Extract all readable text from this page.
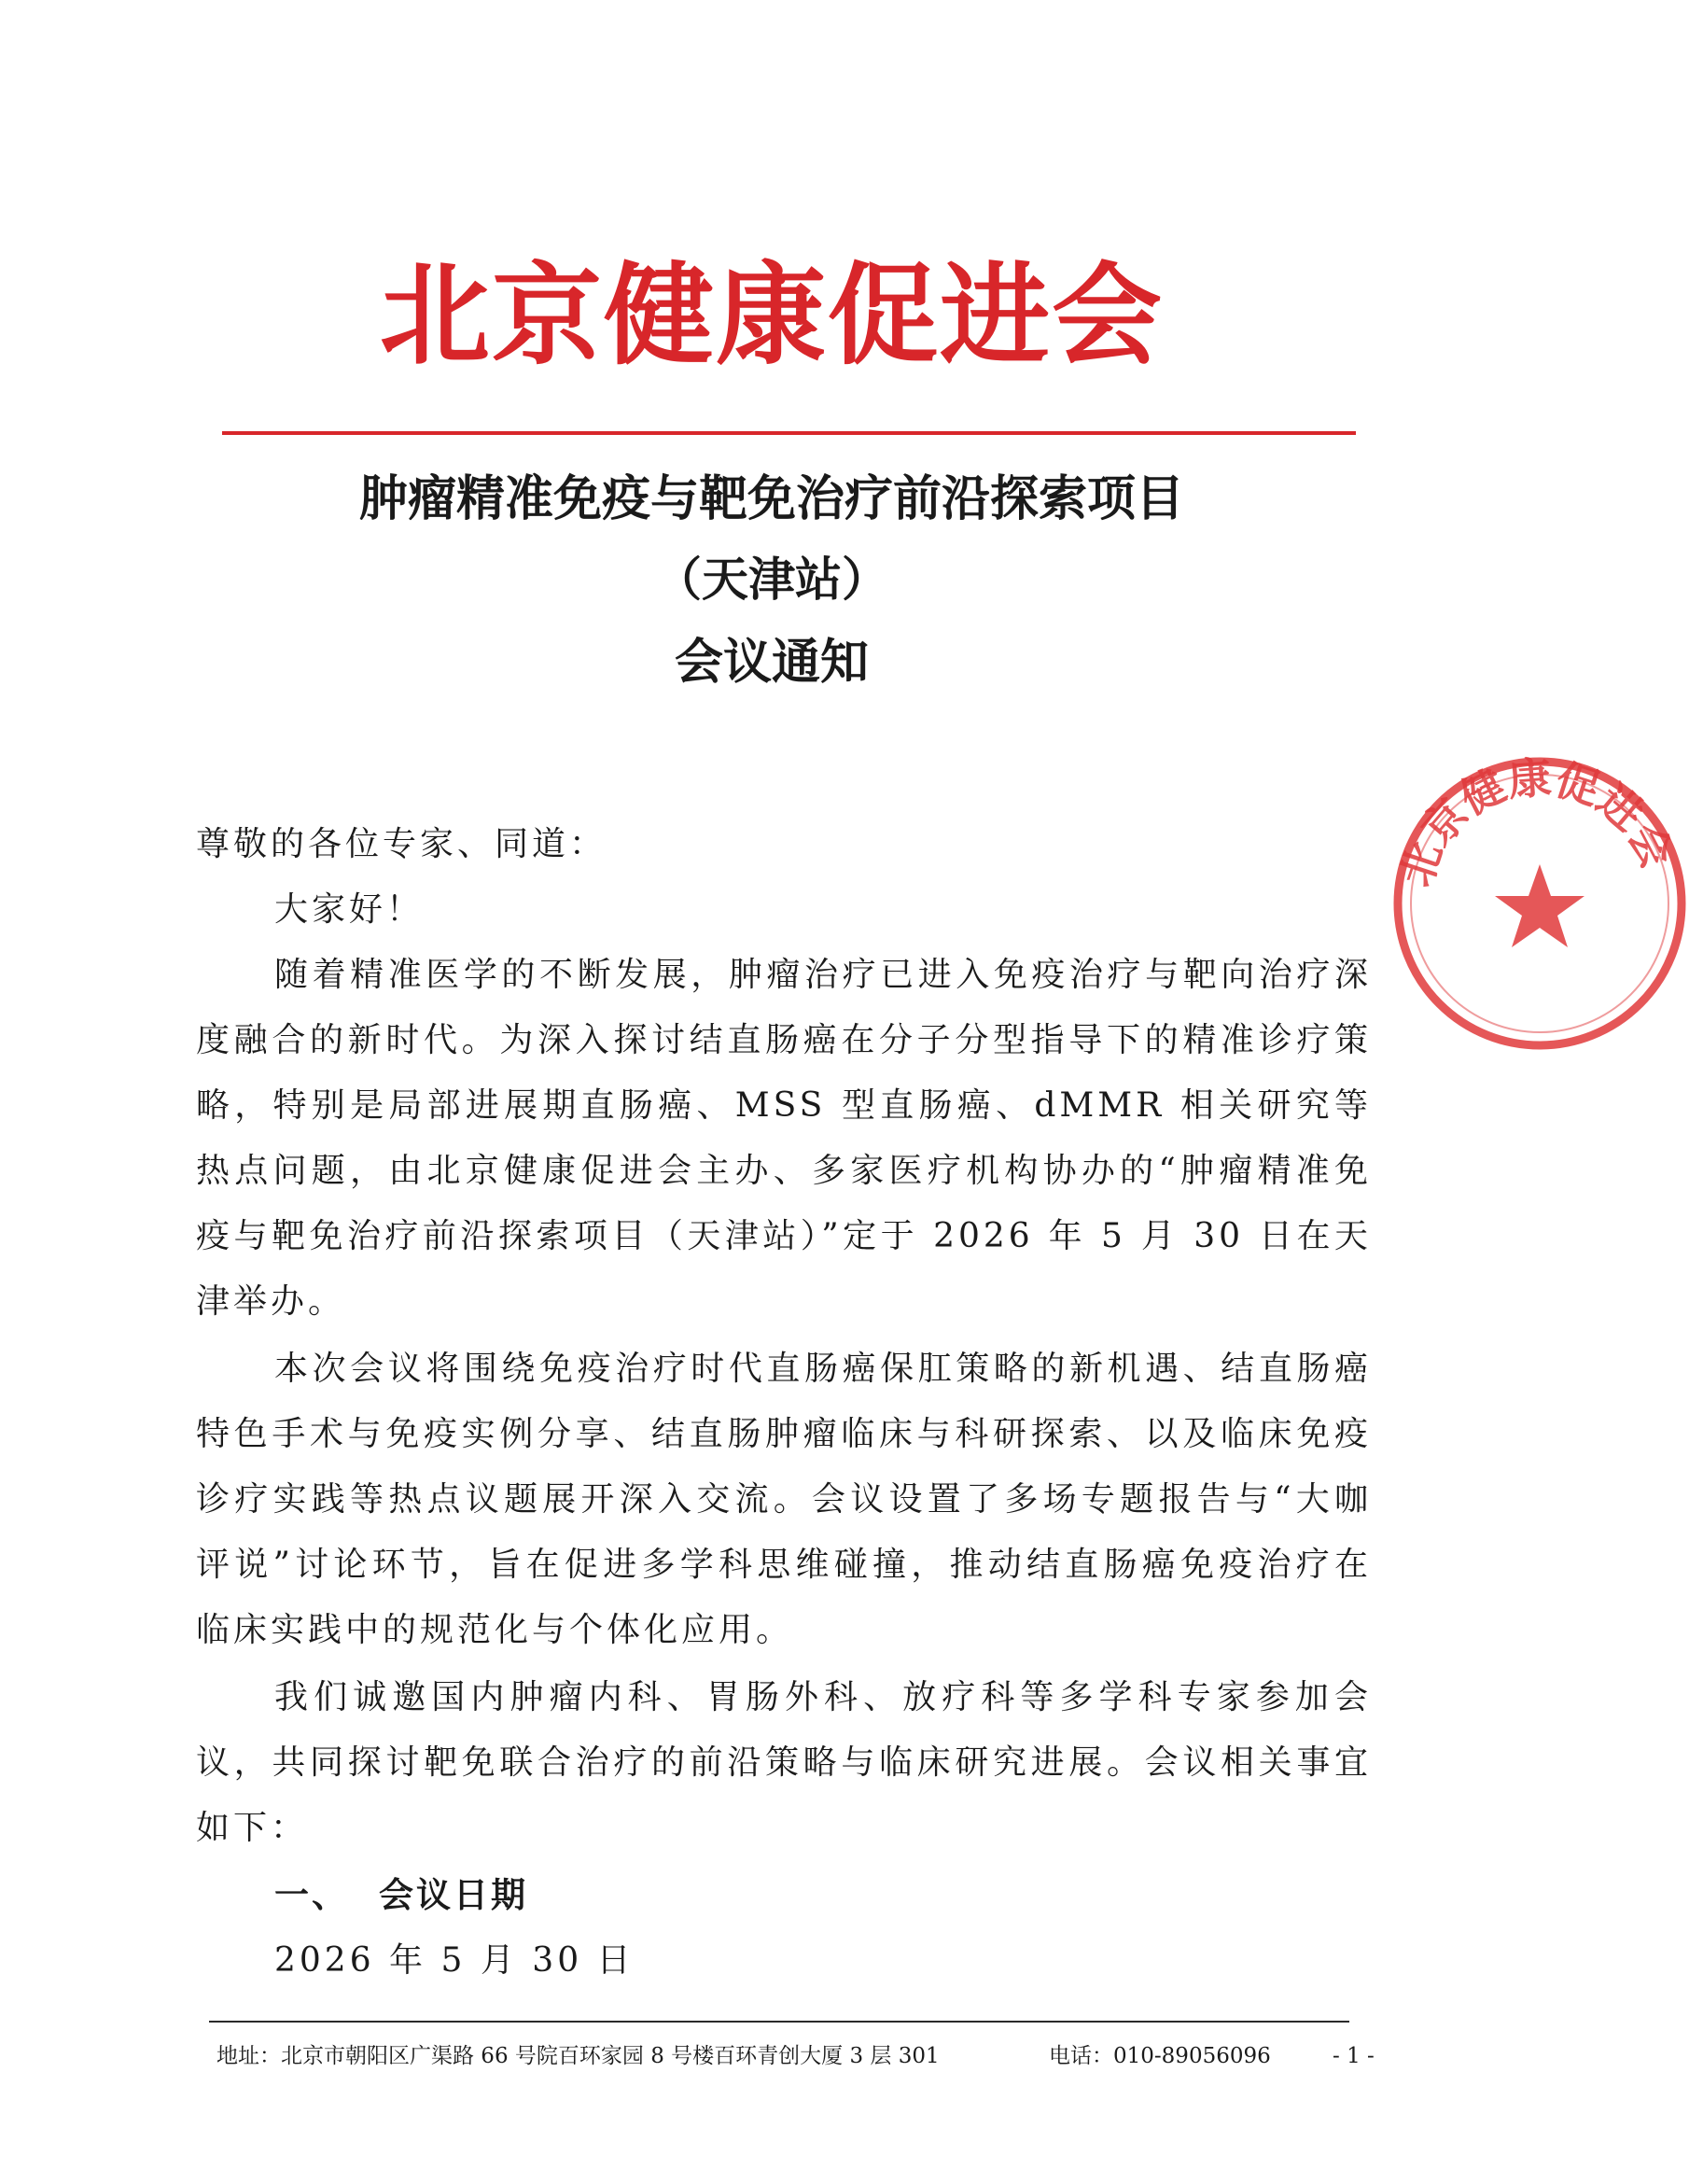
北京健康促进会
肿瘤精准免疫与靶免治疗前沿探索项目
（天津站）
会议通知
尊敬的各位专家、同道：
大家好！
随着精准医学的不断发展，肿瘤治疗已进入免疫治疗与靶向治疗深度融合的新时代。为深入探讨结直肠癌在分子分型指导下的精准诊疗策略，特别是局部进展期直肠癌、MSS 型直肠癌、dMMR 相关研究等热点问题，由北京健康促进会主办、多家医疗机构协办的“肿瘤精准免疫与靶免治疗前沿探索项目（天津站）”定于 2026 年 5 月 30 日在天津举办。
本次会议将围绕免疫治疗时代直肠癌保肛策略的新机遇、结直肠癌特色手术与免疫实例分享、结直肠肿瘤临床与科研探索、以及临床免疫诊疗实践等热点议题展开深入交流。会议设置了多场专题报告与“大咖评说”讨论环节，旨在促进多学科思维碰撞，推动结直肠癌免疫治疗在临床实践中的规范化与个体化应用。
我们诚邀国内肿瘤内科、胃肠外科、放疗科等多学科专家参加会议，共同探讨靶免联合治疗的前沿策略与临床研究进展。会议相关事宜如下：
一、 会议日期
2026 年 5 月 30 日
北京健康促进会
地址：北京市朝阳区广渠路 66 号院百环家园 8 号楼百环青创大厦 3 层 301	电话：010-89056096	- 1 -
